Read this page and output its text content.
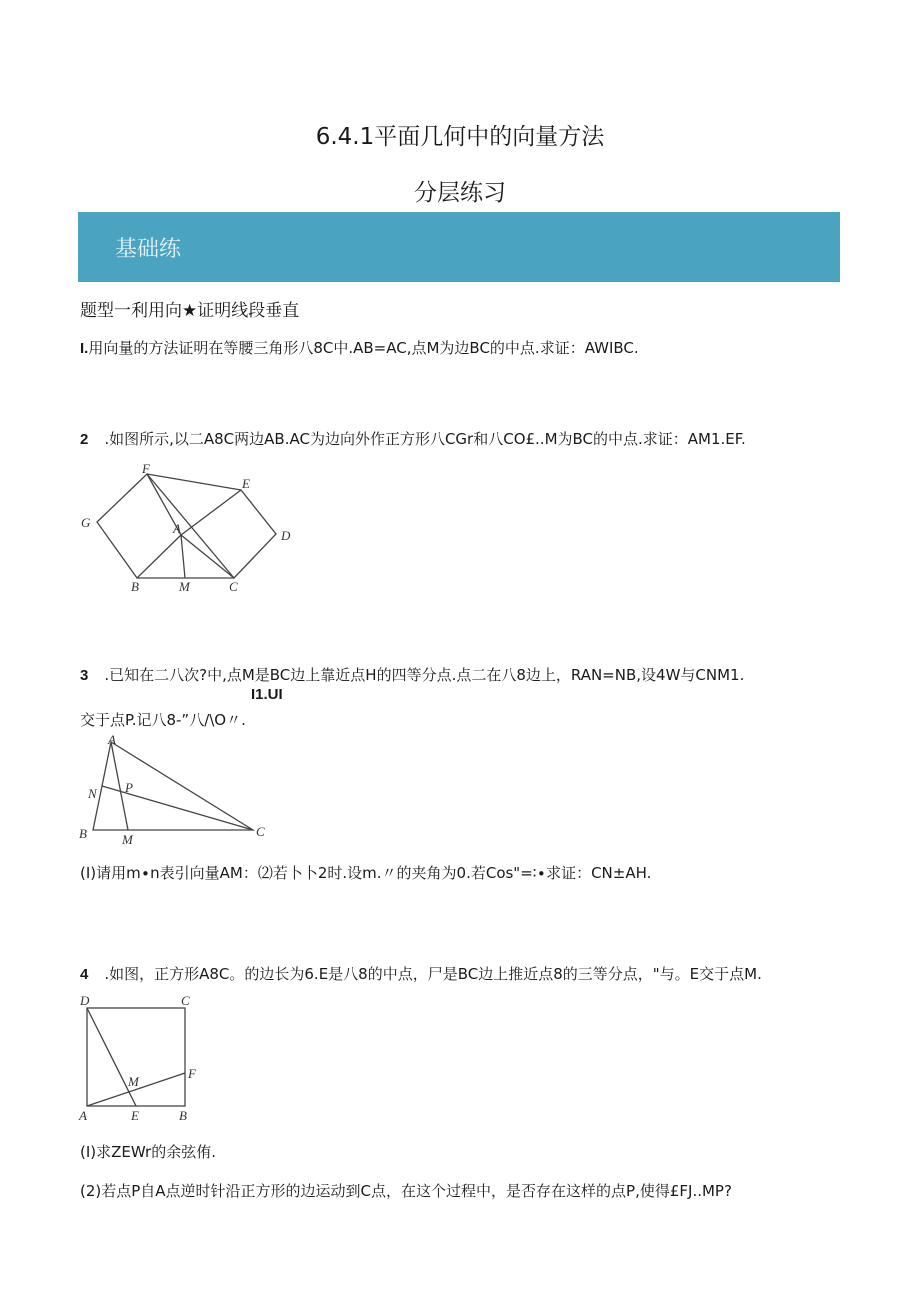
6.4.1平面几何中的向量方法
分层练习
基础练
题型一利用向★证明线段垂直
I.用向量的方法证明在等腰三角形八8C中.AB=AC,点M为边BC的中点.求证：AWIBC.
2 .如图所示,以二A8C两边AB.AC为边向外作正方形八CGr和八CO£..M为BC的中点.求证：AM1.EF.
F
E
G	A	D
B	M	C
3 .已知在二八次?中,点M是BC边上靠近点H的四等分点.点二在八8边上，RAN=NB,设4W与CNM1.
I1.UI
交于点P.记八8-”八/\O〃.
A
N P
B	M
C
(I)请用m∙n表引向量AM：⑵若卜卜2时.设m.〃的夹角为0.若Cos"=∶∙求证：CN±AH.
4 .如图，正方形A8C。的边长为6.E是八8的中点，尸是BC边上推近点8的三等分点，"与。E交于点M.
D	C
M
F
A	E	B
(I)求ZEWr的余弦侑.
(2)若点P自A点逆时针沿正方形的边运动到C点，在这个过程中，是否存在这样的点P,使得£FJ..MP?
